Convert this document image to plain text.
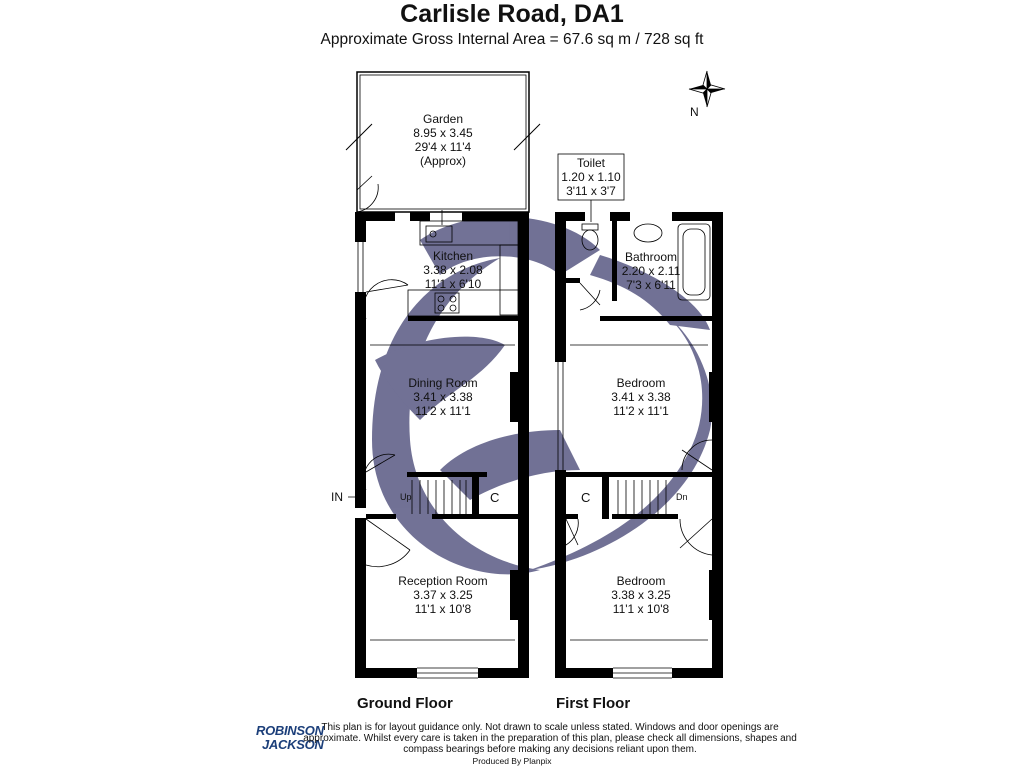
Carlisle Road, DA1
Approximate Gross Internal Area = 67.6 sq m / 728 sq ft
N
Garden
8.95 x 3.45
29'4 x 11'4
(Approx)
Kitchen
3.38 x 2.08
11'1 x 6'10
Dining Room
3.41 x 3.38
11'2 x 11'1
Reception Room
3.37 x 3.25
11'1 x 10'8
Toilet
1.20 x 1.10
3'11 x 3'7
Bathroom
2.20 x 2.11
7'3 x 6'11
Bedroom
3.41 x 3.38
11'2 x 11'1
Bedroom
3.38 x 3.25
11'1 x 10'8
IN	Up	Dn
C	C
Ground Floor	First Floor
ROBINSON
JACKSON
This plan is for layout guidance only. Not drawn to scale unless stated. Windows and door openings are approximate. Whilst every care is taken in the preparation of this plan, please check all dimensions, shapes and compass bearings before making any decisions reliant upon them.
Produced By Planpix
